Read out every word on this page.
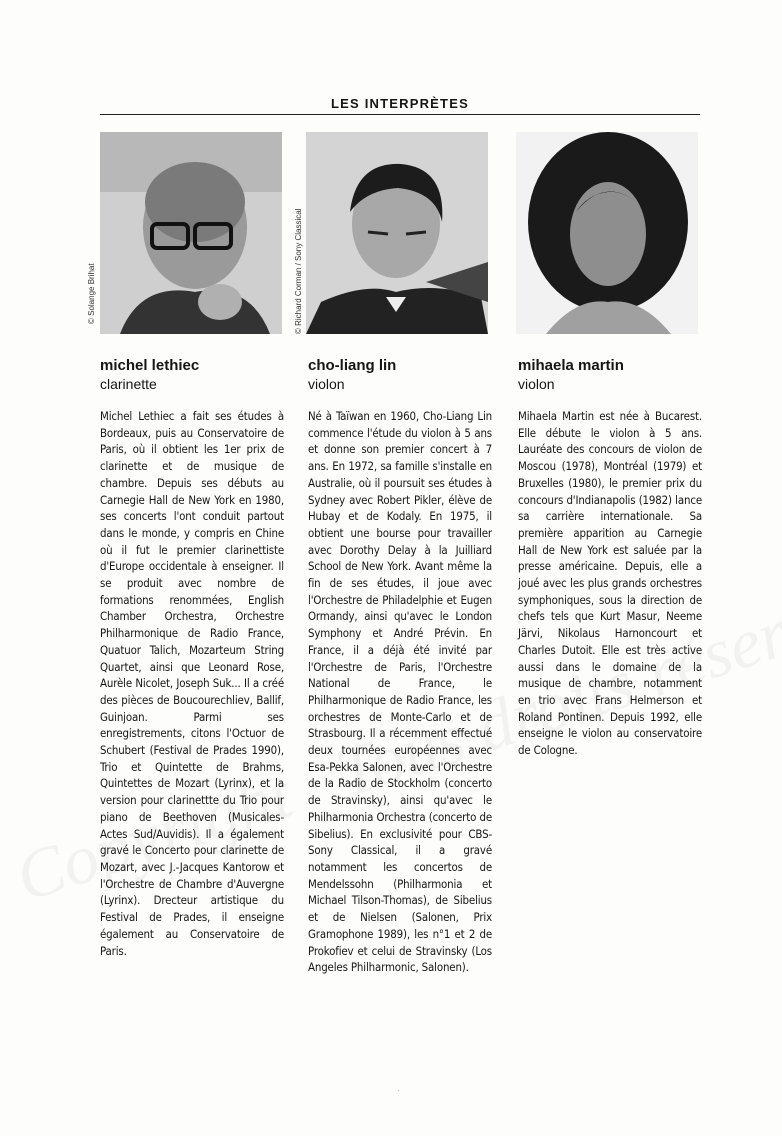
LES INTERPRÈTES
© Richard Corman / Sony Classical
© Solange Brihat

michel lethiec

clarinette

Michel Lethiec a fait ses études à Bordeaux, puis au Conservatoire de Paris, où il obtient les 1er prix de clarinette et de musique de chambre. Depuis ses débuts au Carnegie Hall de New York en 1980, ses concerts l'ont conduit partout dans le monde, y compris en Chine où il fut le premier clarinettiste d'Europe occidentale à enseigner. Il se produit avec nombre de formations renommées, English Chamber Orchestra, Orchestre Philharmonique de Radio France, Quatuor Talich, Mozarteum String Quartet, ainsi que Leonard Rose, Aurèle Nicolet, Joseph Suk... Il a créé des pièces de Boucourechliev, Ballif, Guinjoan. Parmi ses enregistrements, citons l'Octuor de Schubert (Festival de Prades 1990), Trio et Quintette de Brahms, Quintettes de Mozart (Lyrinx), et la version pour clarinettte du Trio pour piano de Beethoven (Musicales-Actes Sud/Auvidis). Il a également gravé le Concerto pour clarinette de Mozart, avec J.-Jacques Kantorow et l'Orchestre de Chambre d'Auvergne (Lyrinx). Drecteur artistique du Festival de Prades, il enseigne également au Conservatoire de Paris.

cho-liang lin

violon

Né à Taïwan en 1960, Cho-Liang Lin commence l'étude du violon à 5 ans et donne son premier concert à 7 ans. En 1972, sa famille s'installe en Australie, où il poursuit ses études à Sydney avec Robert Pikler, élève de Hubay et de Kodaly. En 1975, il obtient une bourse pour travailler avec Dorothy Delay à la Juilliard School de New York. Avant même la fin de ses études, il joue avec l'Orchestre de Philadelphie et Eugen Ormandy, ainsi qu'avec le London Symphony et André Prévin. En France, il a déjà été invité par l'Orchestre de Paris, l'Orchestre National de France, le Philharmonique de Radio France, les orchestres de Monte-Carlo et de Strasbourg. Il a récemment effectué deux tournées européennes avec Esa-Pekka Salonen, avec l'Orchestre de la Radio de Stockholm (concerto de Stravinsky), ainsi qu'avec le Philharmonia Orchestra (concerto de Sibelius). En exclusivité pour CBS-Sony Classical, il a gravé notamment les concertos de Mendelssohn (Philharmonia et Michael Tilson-Thomas), de Sibelius et de Nielsen (Salonen, Prix Gramophone 1989), les n°1 et 2 de Prokofiev et celui de Stravinsky (Los Angeles Philharmonic, Salonen).

mihaela martin

violon

Mihaela Martin est née à Bucarest. Elle débute le violon à 5 ans. Lauréate des concours de violon de Moscou (1978), Montréal (1979) et Bruxelles (1980), le premier prix du concours d'Indianapolis (1982) lance sa carrière internationale. Sa première apparition au Carnegie Hall de New York est saluée par la presse américaine. Depuis, elle a joué avec les plus grands orchestres symphoniques, sous la direction de chefs tels que Kurt Masur, Neeme Järvi, Nikolaus Harnoncourt et Charles Dutoit. Elle est très active aussi dans le domaine de la musique de chambre, notamment en trio avec Frans Helmerson et Roland Pontinen. Depuis 1992, elle enseigne le violon au conservatoire de Cologne.

·
